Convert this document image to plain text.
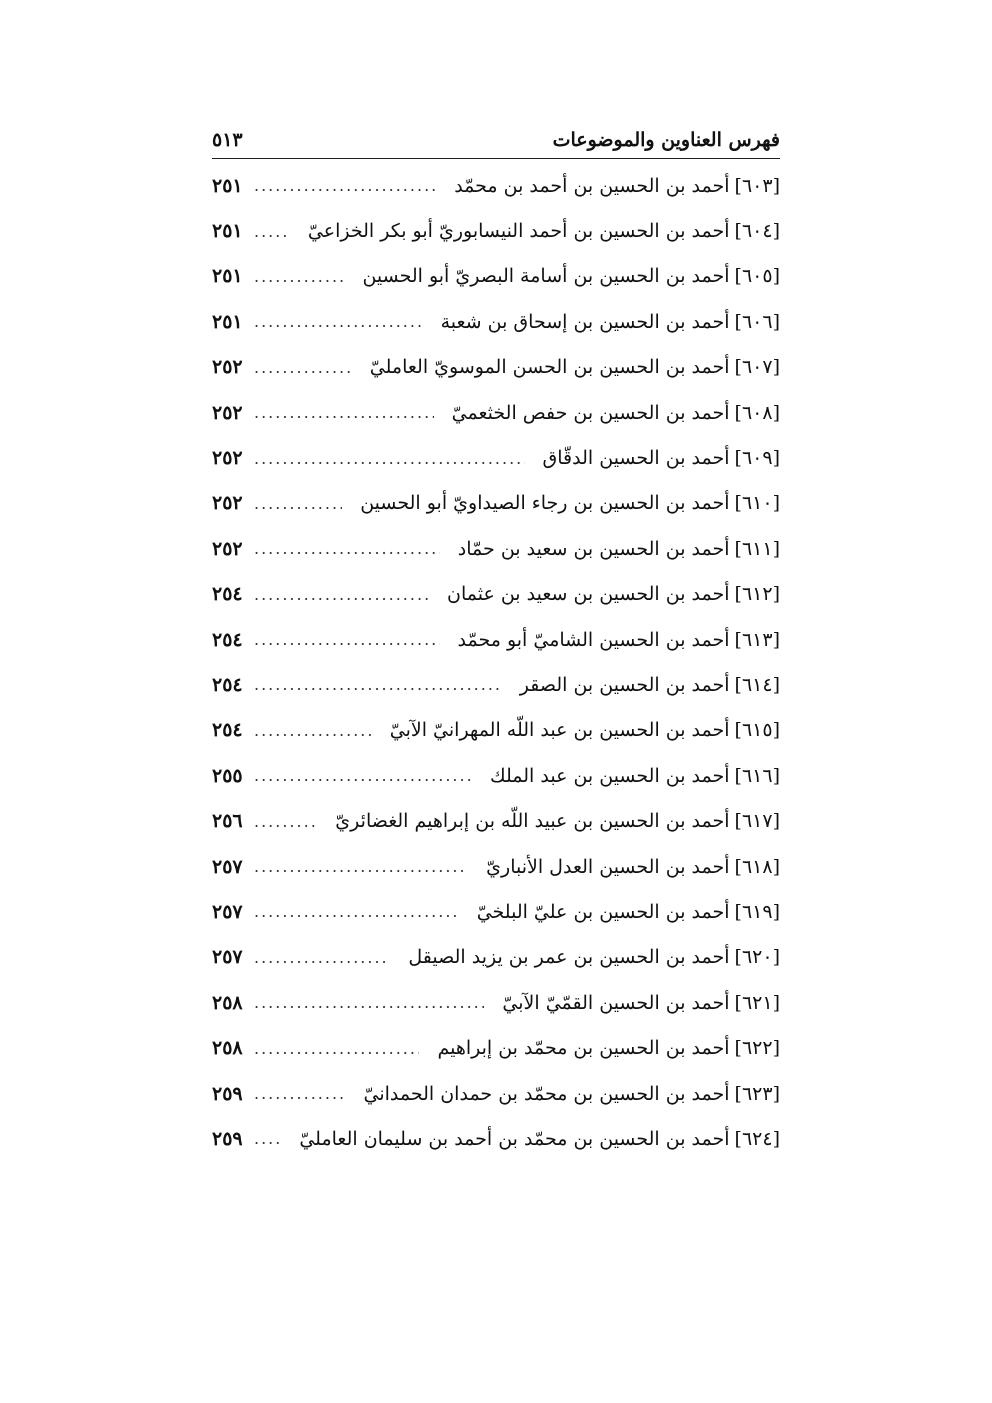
فهرس العناوين والموضوعات
٥١٣
[٦٠٣]
أحمد بن الحسين بن أحمد بن محمّد
.....
٢٥١
[٦٠٤]
أحمد بن الحسين بن أحمد النيسابوريّ أبو بكر الخزاعيّ
.....
٢٥١
[٦٠٥]
أحمد بن الحسين بن أسامة البصريّ أبو الحسين
.....
٢٥١
[٦٠٦]
أحمد بن الحسين بن إسحاق بن شعبة
.....
٢٥١
[٦٠٧]
أحمد بن الحسين بن الحسن الموسويّ العامليّ
.....
٢٥٢
[٦٠٨]
أحمد بن الحسين بن حفص الخثعميّ
.....
٢٥٢
[٦٠٩]
أحمد بن الحسين الدقّاق
.....
٢٥٢
[٦١٠]
أحمد بن الحسين بن رجاء الصيداويّ أبو الحسين
.....
٢٥٢
[٦١١]
أحمد بن الحسين بن سعيد بن حمّاد
.....
٢٥٢
[٦١٢]
أحمد بن الحسين بن سعيد بن عثمان
.....
٢٥٤
[٦١٣]
أحمد بن الحسين الشاميّ أبو محمّد
.....
٢٥٤
[٦١٤]
أحمد بن الحسين بن الصقر
.....
٢٥٤
[٦١٥]
أحمد بن الحسين بن عبد اللّه المهرانيّ الآبيّ
.....
٢٥٤
[٦١٦]
أحمد بن الحسين بن عبد الملك
.....
٢٥٥
[٦١٧]
أحمد بن الحسين بن عبيد اللّه بن إبراهيم الغضائريّ
.....
٢٥٦
[٦١٨]
أحمد بن الحسين العدل الأنباريّ
.....
٢٥٧
[٦١٩]
أحمد بن الحسين بن عليّ البلخيّ
.....
٢٥٧
[٦٢٠]
أحمد بن الحسين بن عمر بن يزيد الصيقل
.....
٢٥٧
[٦٢١]
أحمد بن الحسين القمّيّ الآبيّ
.....
٢٥٨
[٦٢٢]
أحمد بن الحسين بن محمّد بن إبراهيم
.....
٢٥٨
[٦٢٣]
أحمد بن الحسين بن محمّد بن حمدان الحمدانيّ
.....
٢٥٩
[٦٢٤]
أحمد بن الحسين بن محمّد بن أحمد بن سليمان العامليّ
.....
٢٥٩
